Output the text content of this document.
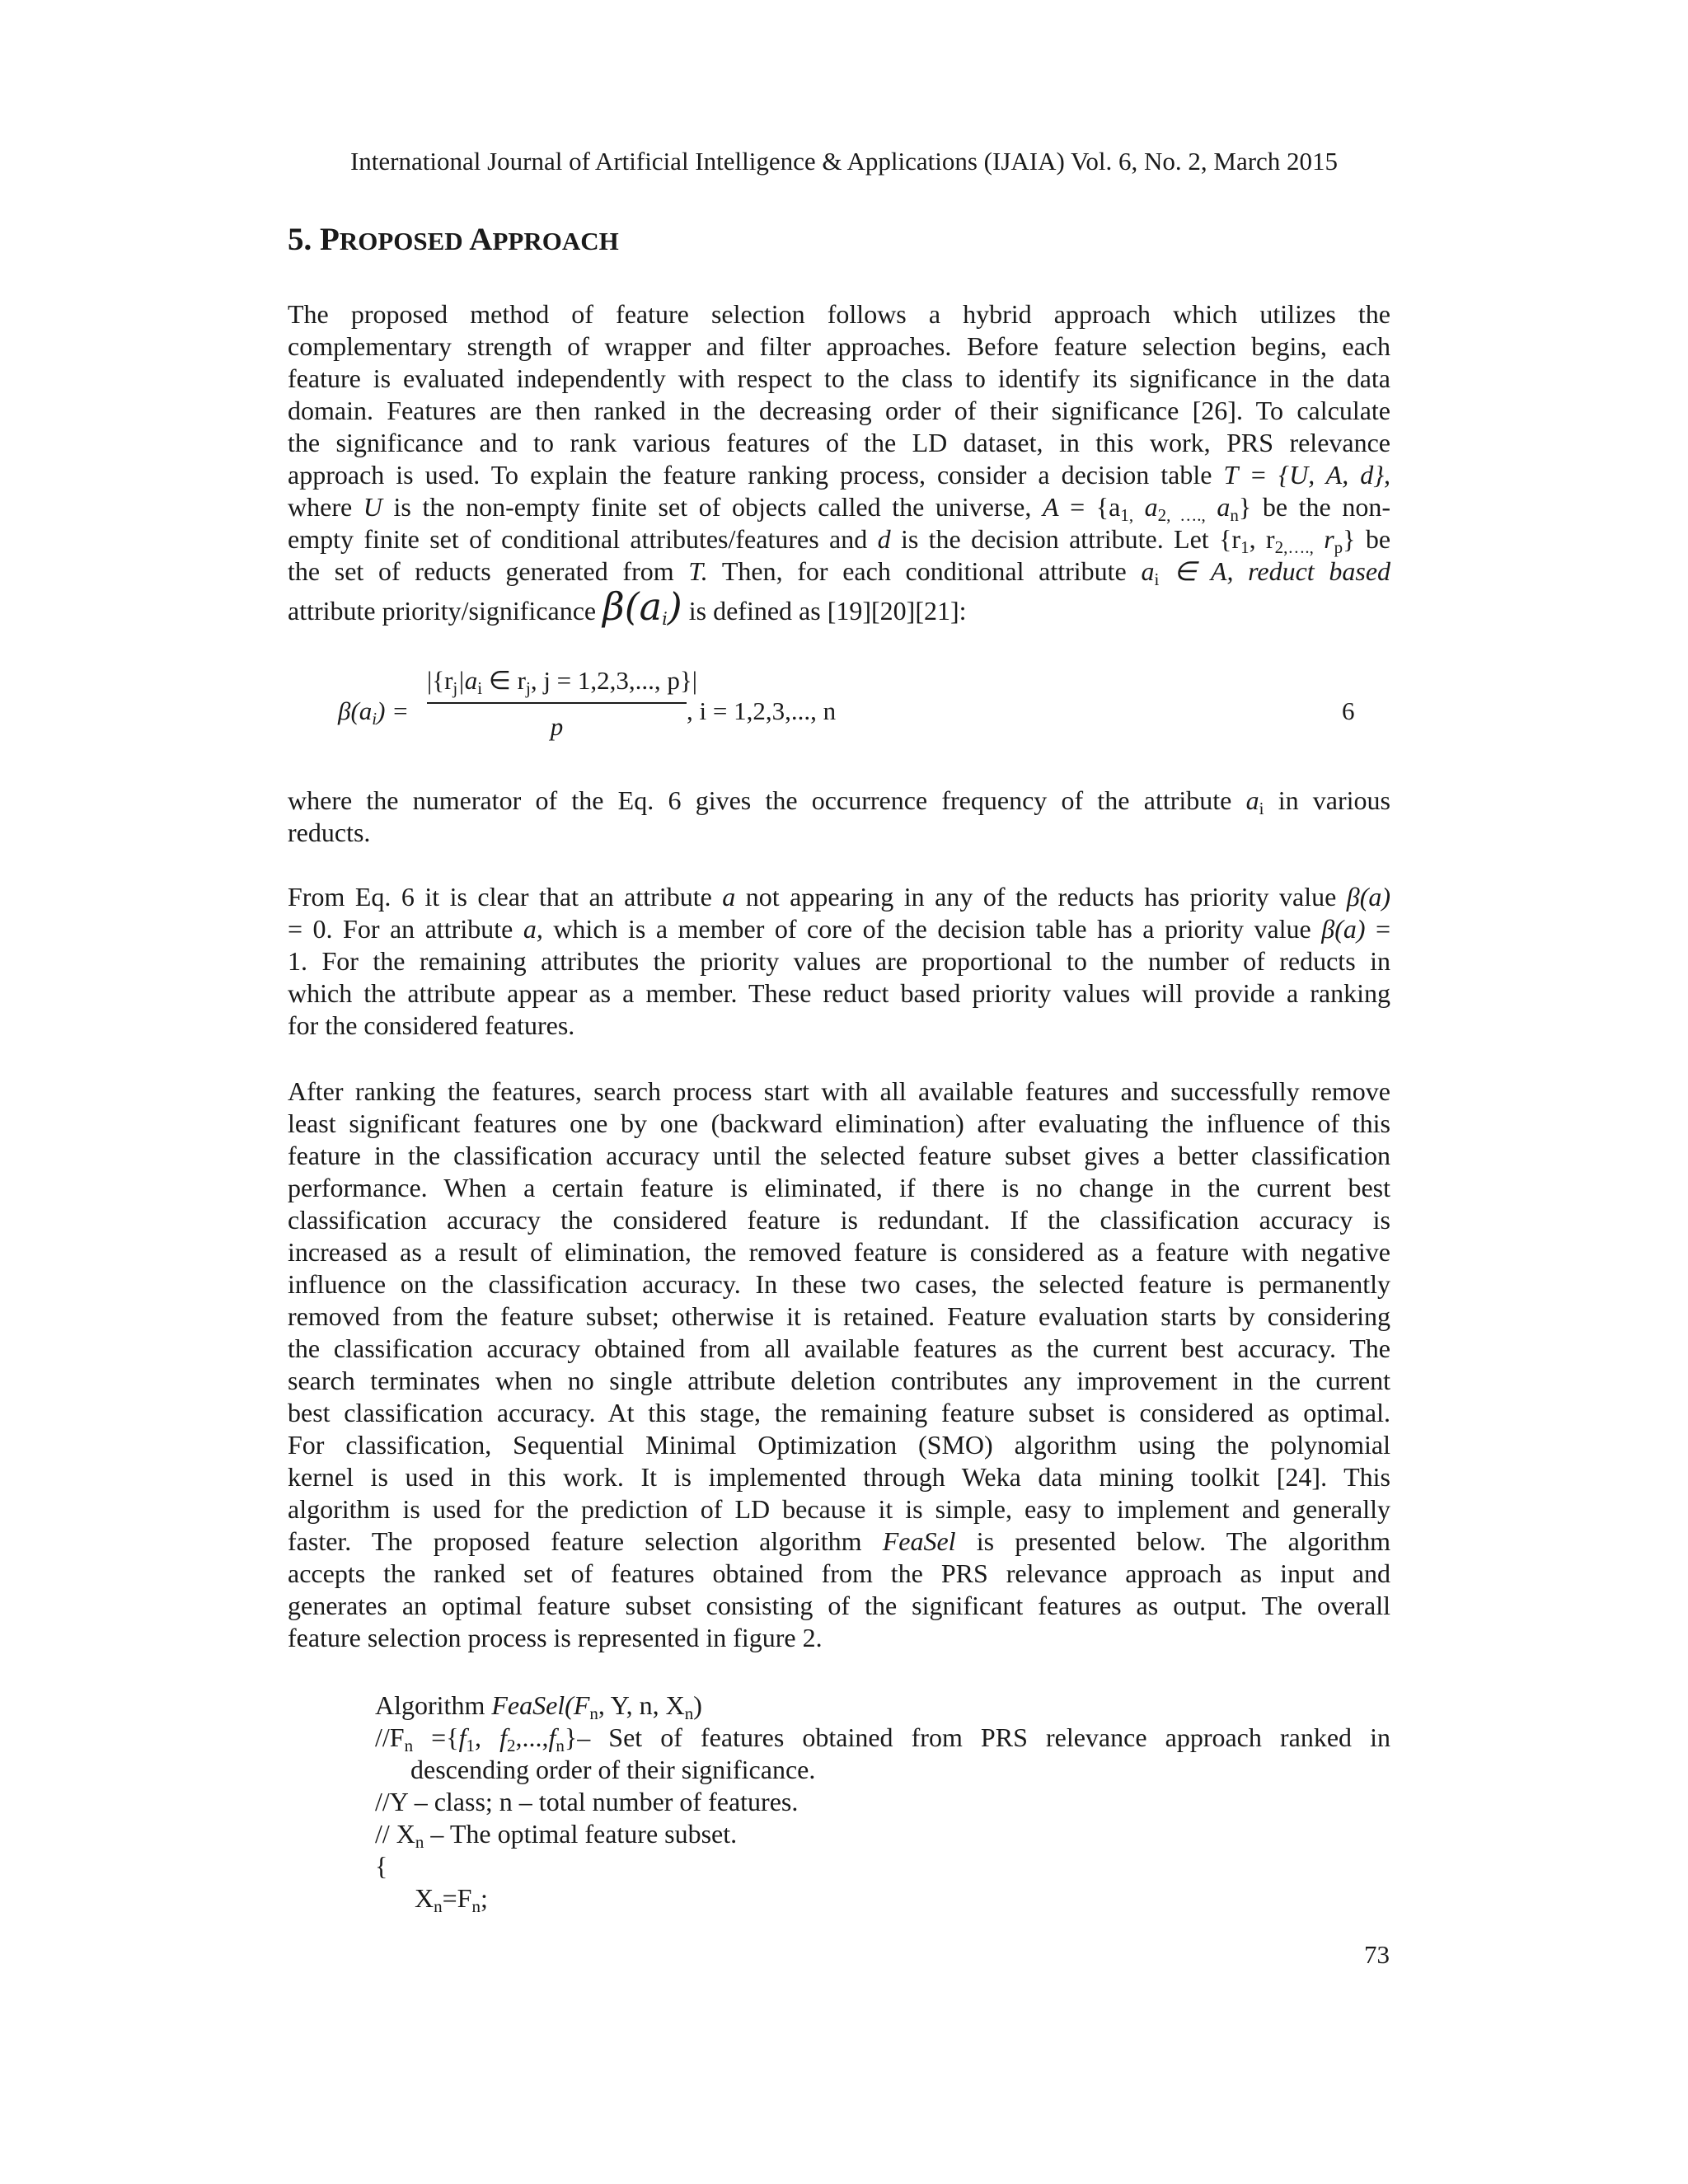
International Journal of Artificial Intelligence & Applications (IJAIA) Vol. 6, No. 2, March 2015
5. PROPOSED APPROACH
The proposed method of feature selection follows a hybrid approach which utilizes the
complementary strength of wrapper and filter approaches. Before feature selection begins, each
feature is evaluated independently with respect to the class to identify its significance in the data
domain. Features are then ranked in the decreasing order of their significance [26]. To calculate
the significance and to rank various features of the LD dataset, in this work, PRS relevance
approach is used. To explain the feature ranking process, consider a decision table T = {U, A, d},
where U is the non-empty finite set of objects called the universe, $A = \{a_{1,}$ $a_{2, \dots.,}$ $a_n$} be the non-
empty finite set of conditional attributes/features and d is the decision attribute. Let {$r_1$, $r_{2,\dots.,}$ $r_p$} be
the set of reducts generated from T. Then, for each conditional attribute $a_i$ ∈ A, reduct based
attribute priority/significance $\beta(a_i)$ is defined as [19][20][21]:
$\beta(a_i)$ =
$|\{r_j|a_i$ ∈ $r_j$, j = 1,2,3,..., p}|
p
, i = 1,2,3,..., n	6
where the numerator of the Eq. 6 gives the occurrence frequency of the attribute $a_i$ in various
reducts.
From Eq. 6 it is clear that an attribute a not appearing in any of the reducts has priority value β(a)
= 0. For an attribute a, which is a member of core of the decision table has a priority value β(a) =
1. For the remaining attributes the priority values are proportional to the number of reducts in
which the attribute appear as a member. These reduct based priority values will provide a ranking
for the considered features.
After ranking the features, search process start with all available features and successfully remove
least significant features one by one (backward elimination) after evaluating the influence of this
feature in the classification accuracy until the selected feature subset gives a better classification
performance. When a certain feature is eliminated, if there is no change in the current best
classification accuracy the considered feature is redundant. If the classification accuracy is
increased as a result of elimination, the removed feature is considered as a feature with negative
influence on the classification accuracy. In these two cases, the selected feature is permanently
removed from the feature subset; otherwise it is retained. Feature evaluation starts by considering
the classification accuracy obtained from all available features as the current best accuracy. The
search terminates when no single attribute deletion contributes any improvement in the current
best classification accuracy. At this stage, the remaining feature subset is considered as optimal.
For classification, Sequential Minimal Optimization (SMO) algorithm using the polynomial
kernel is used in this work. It is implemented through Weka data mining toolkit [24]. This
algorithm is used for the prediction of LD because it is simple, easy to implement and generally
faster. The proposed feature selection algorithm FeaSel is presented below. The algorithm
accepts the ranked set of features obtained from the PRS relevance approach as input and
generates an optimal feature subset consisting of the significant features as output. The overall
feature selection process is represented in figure 2.
Algorithm $FeaSel(F_n$, Y, n, $X_n$)
$//F_n =\{f_1$, $f_2,...,f_n\}-$ Set of features obtained from PRS relevance approach ranked in
descending order of their significance.
//Y – class; n – total number of features.
// $X_n$ – The optimal feature subset.
{
$X_n=F_n$;
73
